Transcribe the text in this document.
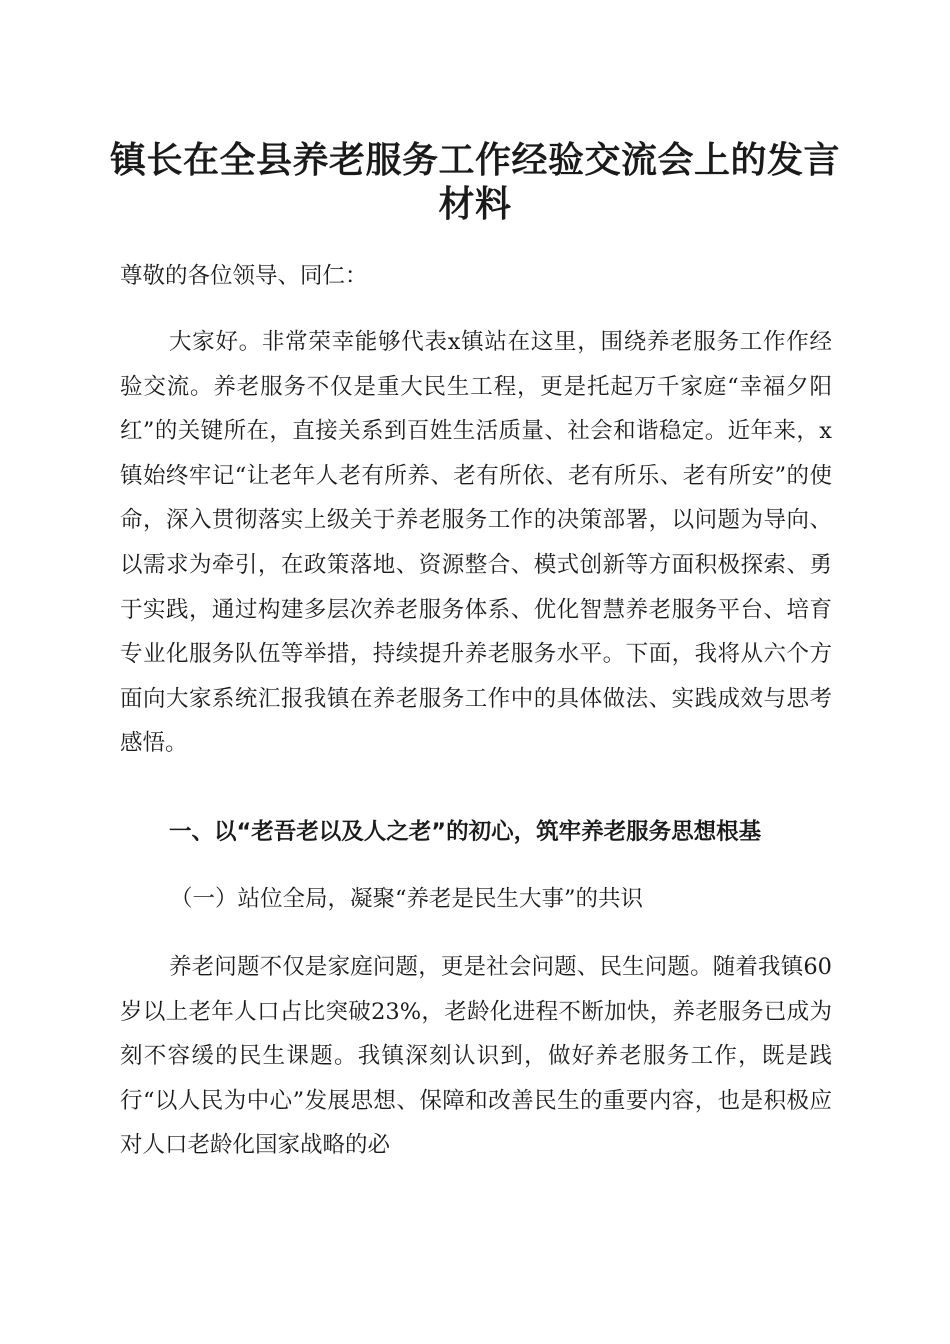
镇长在全县养老服务工作经验交流会上的发言
材料

尊敬的各位领导、同仁：

大家好。非常荣幸能够代表x镇站在这里，围绕养老服务工作作经验交流。养老服务不仅是重大民生工程，更是托起万千家庭“幸福夕阳红”的关键所在，直接关系到百姓生活质量、社会和谐稳定。近年来，x镇始终牢记“让老年人老有所养、老有所依、老有所乐、老有所安”的使命，深入贯彻落实上级关于养老服务工作的决策部署，以问题为导向、以需求为牵引，在政策落地、资源整合、模式创新等方面积极探索、勇于实践，通过构建多层次养老服务体系、优化智慧养老服务平台、培育专业化服务队伍等举措，持续提升养老服务水平。下面，我将从六个方面向大家系统汇报我镇在养老服务工作中的具体做法、实践成效与思考感悟。

一、以“老吾老以及人之老”的初心，筑牢养老服务思想根基

（一）站位全局，凝聚“养老是民生大事”的共识

养老问题不仅是家庭问题，更是社会问题、民生问题。随着我镇60岁以上老年人口占比突破23%，老龄化进程不断加快，养老服务已成为刻不容缓的民生课题。我镇深刻认识到，做好养老服务工作，既是践行“以人民为中心”发展思想、保障和改善民生的重要内容，也是积极应对人口老龄化国家战略的必
